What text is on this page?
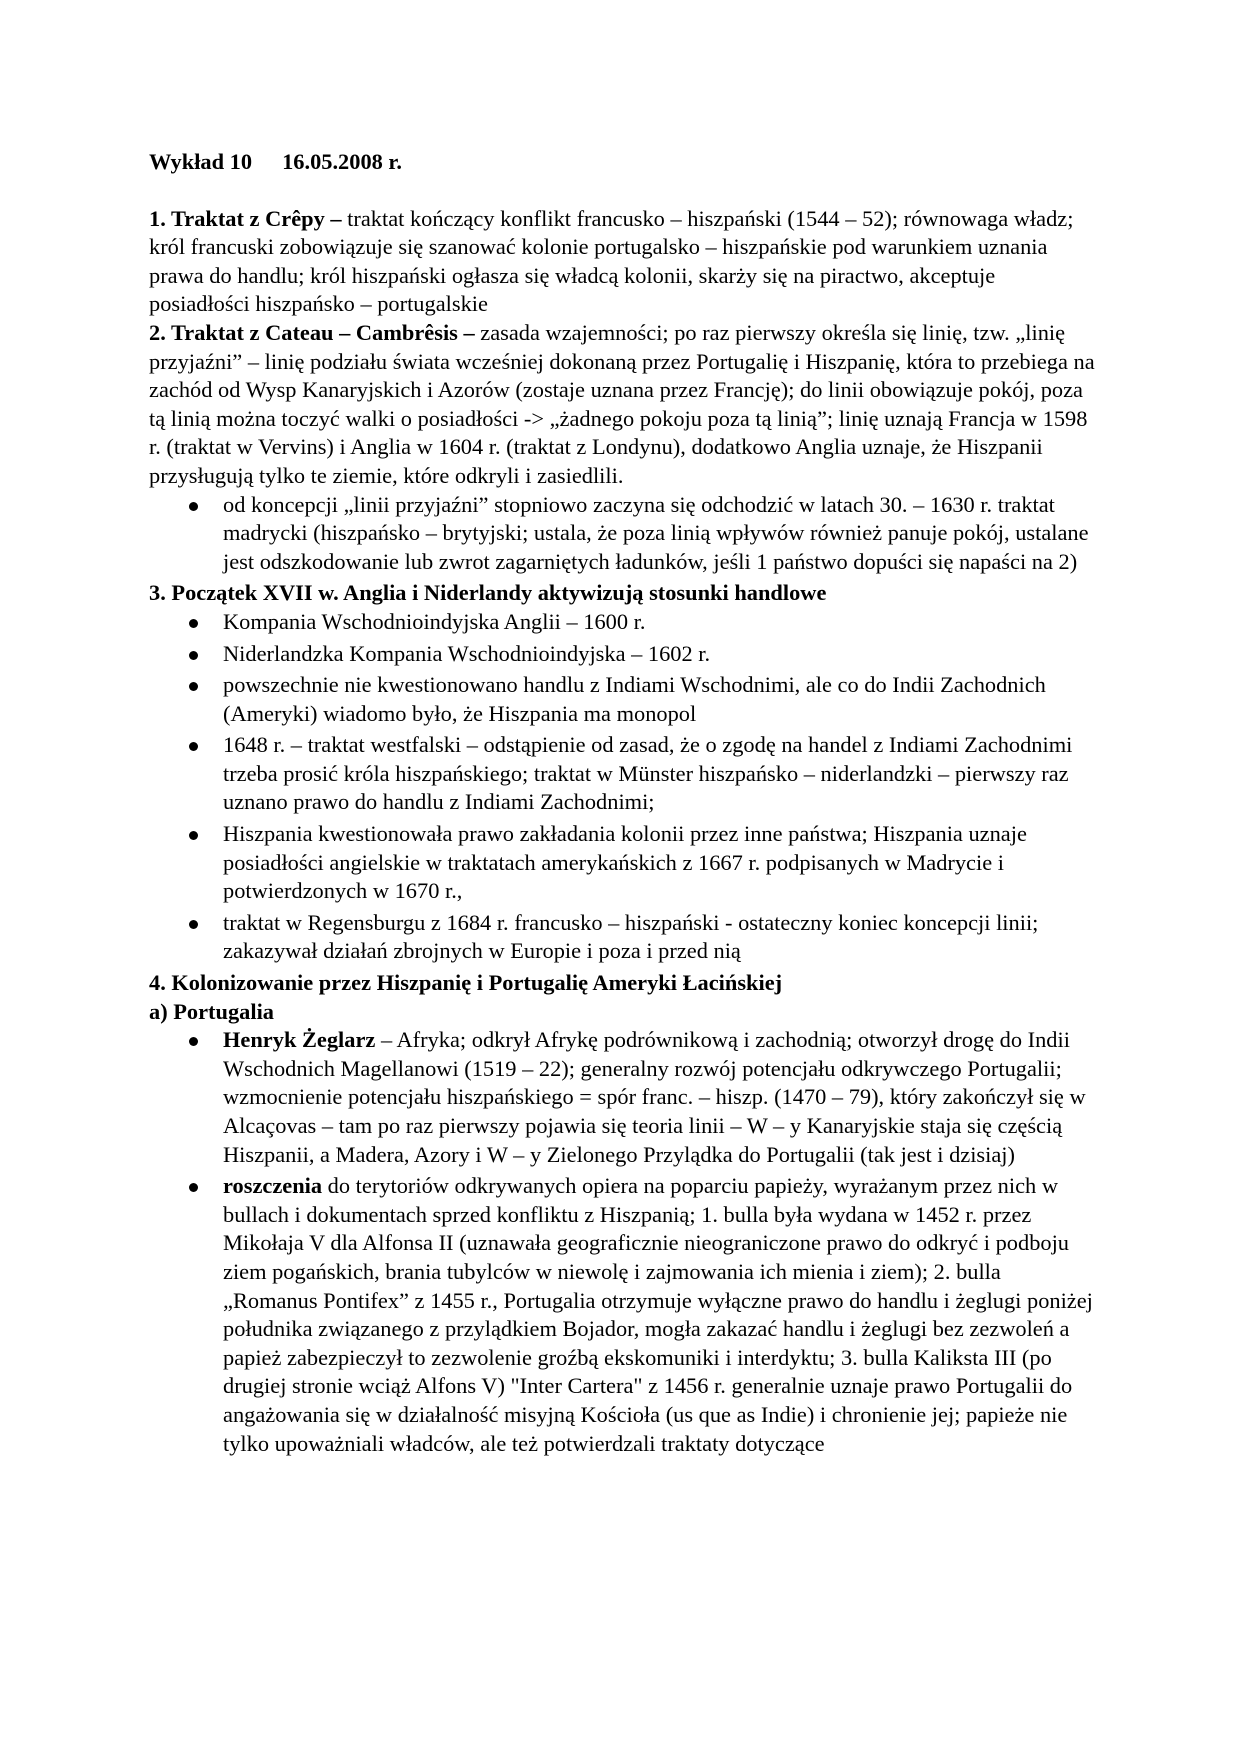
Wykład 10 16.05.2008 r.

1. Traktat z Crêpy – traktat kończący konflikt francusko – hiszpański (1544 – 52); równowaga władz; król francuski zobowiązuje się szanować kolonie portugalsko – hiszpańskie pod warunkiem uznania prawa do handlu; król hiszpański ogłasza się władcą kolonii, skarży się na piractwo, akceptuje posiadłości hiszpańsko – portugalskie

2. Traktat z Cateau – Cambrêsis – zasada wzajemności; po raz pierwszy określa się linię, tzw. „linię przyjaźni” – linię podziału świata wcześniej dokonaną przez Portugalię i Hiszpanię, która to przebiega na zachód od Wysp Kanaryjskich i Azorów (zostaje uznana przez Francję); do linii obowiązuje pokój, poza tą linią można toczyć walki o posiadłości -> „żadnego pokoju poza tą linią”; linię uznają Francja w 1598 r. (traktat w Vervins) i Anglia w 1604 r. (traktat z Londynu), dodatkowo Anglia uznaje, że Hiszpanii przysługują tylko te ziemie, które odkryli i zasiedlili.

od koncepcji „linii przyjaźni” stopniowo zaczyna się odchodzić w latach 30. – 1630 r. traktat madrycki (hiszpańsko – brytyjski; ustala, że poza linią wpływów również panuje pokój, ustalane jest odszkodowanie lub zwrot zagarniętych ładunków, jeśli 1 państwo dopuści się napaści na 2)

3. Początek XVII w. Anglia i Niderlandy aktywizują stosunki handlowe

Kompania Wschodnioindyjska Anglii – 1600 r.
Niderlandzka Kompania Wschodnioindyjska – 1602 r.
powszechnie nie kwestionowano handlu z Indiami Wschodnimi, ale co do Indii Zachodnich (Ameryki) wiadomo było, że Hiszpania ma monopol
1648 r. – traktat westfalski – odstąpienie od zasad, że o zgodę na handel z Indiami Zachodnimi trzeba prosić króla hiszpańskiego; traktat w Münster hiszpańsko – niderlandzki – pierwszy raz uznano prawo do handlu z Indiami Zachodnimi;
Hiszpania kwestionowała prawo zakładania kolonii przez inne państwa; Hiszpania uznaje posiadłości angielskie w traktatach amerykańskich z 1667 r. podpisanych w Madrycie i potwierdzonych w 1670 r.,
traktat w Regensburgu z 1684 r. francusko – hiszpański - ostateczny koniec koncepcji linii; zakazywał działań zbrojnych w Europie i poza i przed nią

4. Kolonizowanie przez Hiszpanię i Portugalię Ameryki Łacińskiej

a) Portugalia

Henryk Żeglarz – Afryka; odkrył Afrykę podrównikową i zachodnią; otworzył drogę do Indii Wschodnich Magellanowi (1519 – 22); generalny rozwój potencjału odkrywczego Portugalii; wzmocnienie potencjału hiszpańskiego = spór franc. – hiszp. (1470 – 79), który zakończył się w Alcaçovas – tam po raz pierwszy pojawia się teoria linii – W – y Kanaryjskie staja się częścią Hiszpanii, a Madera, Azory i W – y Zielonego Przylądka do Portugalii (tak jest i dzisiaj)
roszczenia do terytoriów odkrywanych opiera na poparciu papieży, wyrażanym przez nich w bullach i dokumentach sprzed konfliktu z Hiszpanią; 1. bulla była wydana w 1452 r. przez Mikołaja V dla Alfonsa II (uznawała geograficznie nieograniczone prawo do odkryć i podboju ziem pogańskich, brania tubylców w niewolę i zajmowania ich mienia i ziem); 2. bulla „Romanus Pontifex” z 1455 r., Portugalia otrzymuje wyłączne prawo do handlu i żeglugi poniżej południka związanego z przylądkiem Bojador, mogła zakazać handlu i żeglugi bez zezwoleń a papież zabezpieczył to zezwolenie groźbą ekskomuniki i interdyktu; 3. bulla Kaliksta III (po drugiej stronie wciąż Alfons V) "Inter Cartera" z 1456 r. generalnie uznaje prawo Portugalii do angażowania się w działalność misyjną Kościoła (us que as Indie) i chronienie jej; papieże nie tylko upoważniali władców, ale też potwierdzali traktaty dotyczące
